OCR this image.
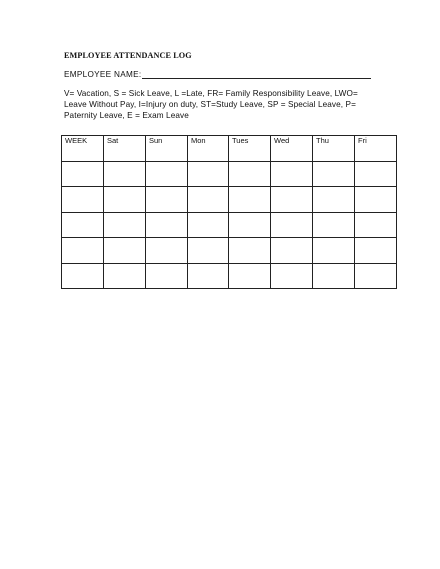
EMPLOYEE ATTENDANCE LOG
EMPLOYEE NAME:
V= Vacation, S = Sick Leave, L =Late, FR= Family Responsibility Leave, LWO= Leave Without Pay, I=Injury on duty, ST=Study Leave, SP = Special Leave, P= Paternity Leave, E = Exam Leave
WEEK	Sat	Sun	Mon	Tues	Wed	Thu	Fri
